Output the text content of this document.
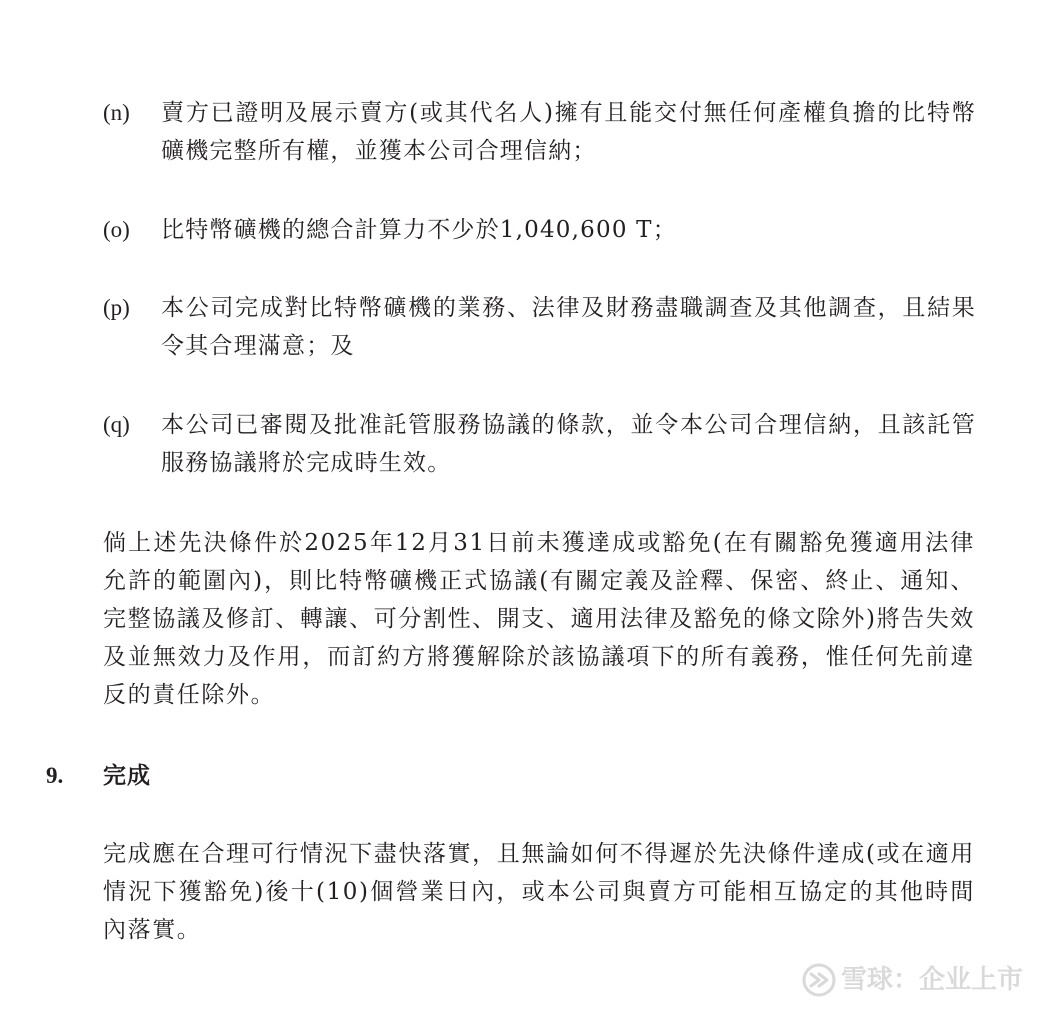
(n) 賣方已證明及展示賣方(或其代名人)擁有且能交付無任何產權負擔的比特幣礦機完整所有權，並獲本公司合理信納；
(o) 比特幣礦機的總合計算力不少於1,040,600 T；
(p) 本公司完成對比特幣礦機的業務、法律及財務盡職調查及其他調查，且結果令其合理滿意；及
(q) 本公司已審閱及批准託管服務協議的條款，並令本公司合理信納，且該託管服務協議將於完成時生效。
倘上述先決條件於2025年12月31日前未獲達成或豁免(在有關豁免獲適用法律允許的範圍內)，則比特幣礦機正式協議(有關定義及詮釋、保密、終止、通知、完整協議及修訂、轉讓、可分割性、開支、適用法律及豁免的條文除外)將告失效及並無效力及作用，而訂約方將獲解除於該協議項下的所有義務，惟任何先前違反的責任除外。
9. 完成
完成應在合理可行情況下盡快落實，且無論如何不得遲於先決條件達成(或在適用情況下獲豁免)後十(10)個營業日內，或本公司與賣方可能相互協定的其他時間內落實。
雪球：企业上市
